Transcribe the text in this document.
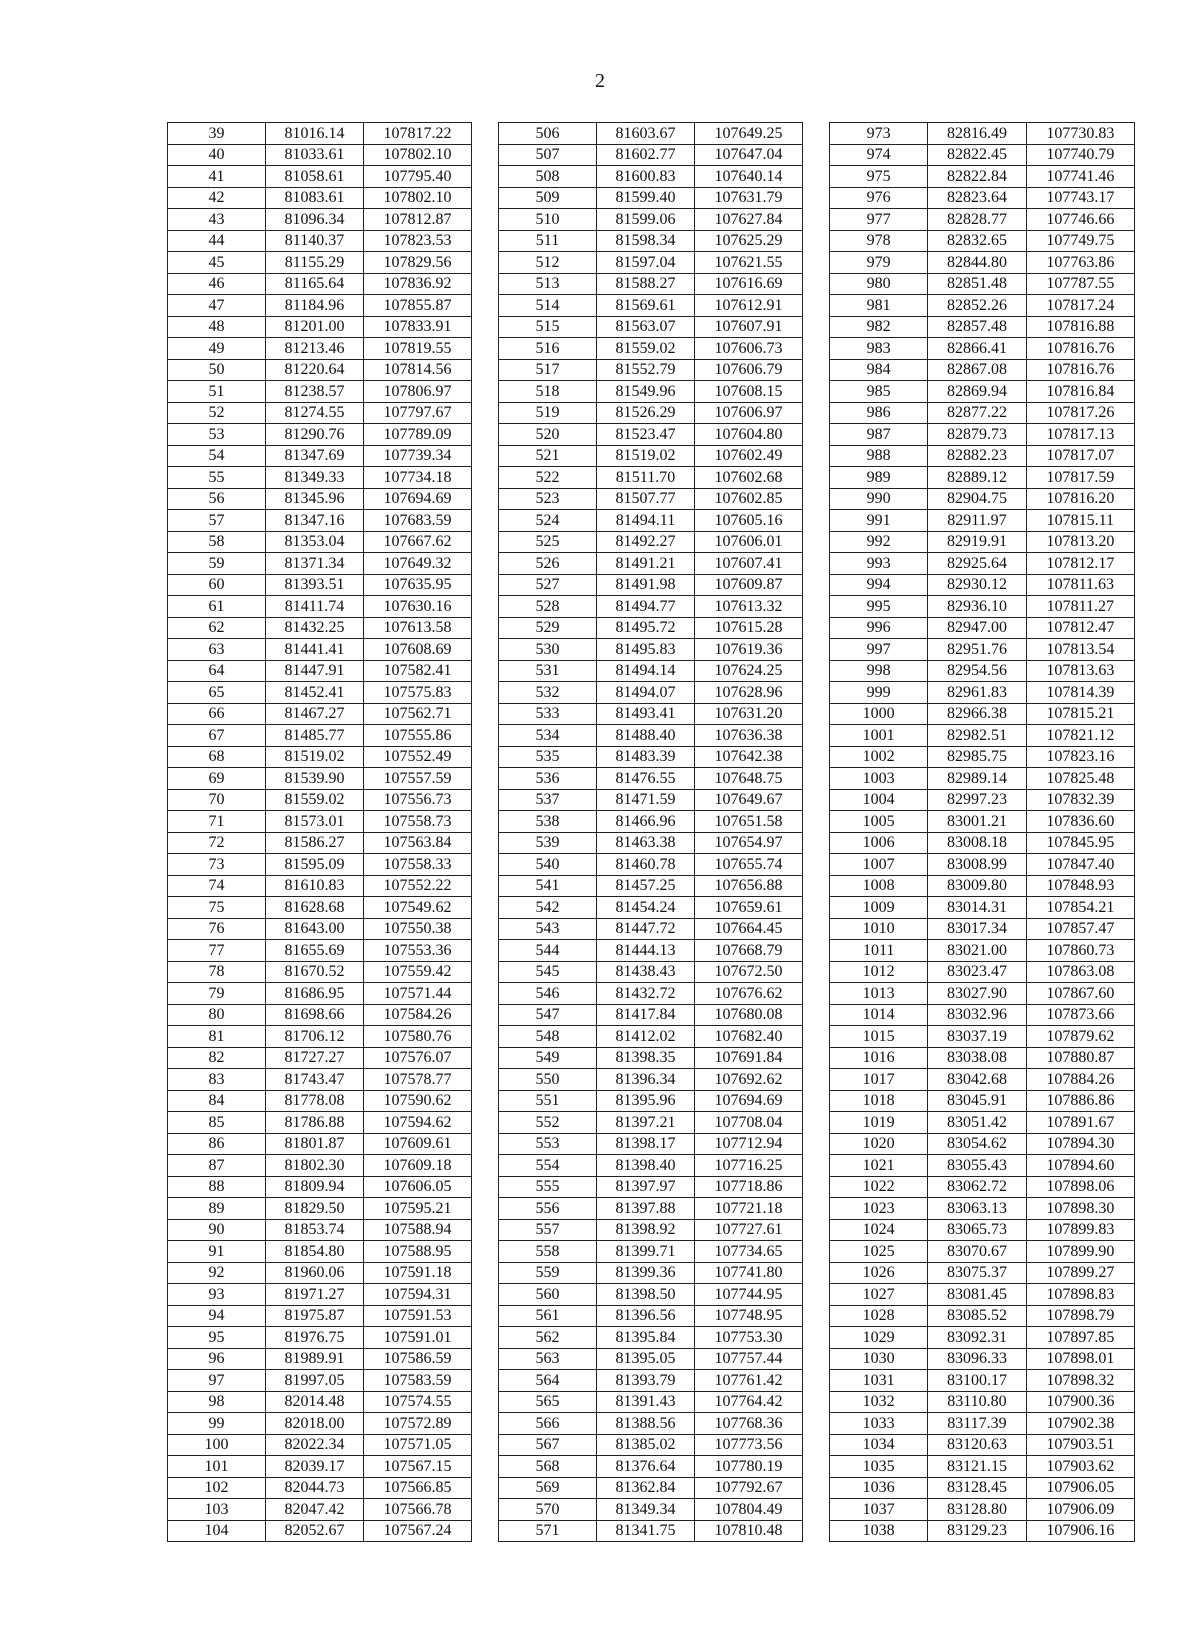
2
39	81016.14	107817.22
40	81033.61	107802.10
41	81058.61	107795.40
42	81083.61	107802.10
43	81096.34	107812.87
44	81140.37	107823.53
45	81155.29	107829.56
46	81165.64	107836.92
47	81184.96	107855.87
48	81201.00	107833.91
49	81213.46	107819.55
50	81220.64	107814.56
51	81238.57	107806.97
52	81274.55	107797.67
53	81290.76	107789.09
54	81347.69	107739.34
55	81349.33	107734.18
56	81345.96	107694.69
57	81347.16	107683.59
58	81353.04	107667.62
59	81371.34	107649.32
60	81393.51	107635.95
61	81411.74	107630.16
62	81432.25	107613.58
63	81441.41	107608.69
64	81447.91	107582.41
65	81452.41	107575.83
66	81467.27	107562.71
67	81485.77	107555.86
68	81519.02	107552.49
69	81539.90	107557.59
70	81559.02	107556.73
71	81573.01	107558.73
72	81586.27	107563.84
73	81595.09	107558.33
74	81610.83	107552.22
75	81628.68	107549.62
76	81643.00	107550.38
77	81655.69	107553.36
78	81670.52	107559.42
79	81686.95	107571.44
80	81698.66	107584.26
81	81706.12	107580.76
82	81727.27	107576.07
83	81743.47	107578.77
84	81778.08	107590.62
85	81786.88	107594.62
86	81801.87	107609.61
87	81802.30	107609.18
88	81809.94	107606.05
89	81829.50	107595.21
90	81853.74	107588.94
91	81854.80	107588.95
92	81960.06	107591.18
93	81971.27	107594.31
94	81975.87	107591.53
95	81976.75	107591.01
96	81989.91	107586.59
97	81997.05	107583.59
98	82014.48	107574.55
99	82018.00	107572.89
100	82022.34	107571.05
101	82039.17	107567.15
102	82044.73	107566.85
103	82047.42	107566.78
104	82052.67	107567.24
506	81603.67	107649.25
507	81602.77	107647.04
508	81600.83	107640.14
509	81599.40	107631.79
510	81599.06	107627.84
511	81598.34	107625.29
512	81597.04	107621.55
513	81588.27	107616.69
514	81569.61	107612.91
515	81563.07	107607.91
516	81559.02	107606.73
517	81552.79	107606.79
518	81549.96	107608.15
519	81526.29	107606.97
520	81523.47	107604.80
521	81519.02	107602.49
522	81511.70	107602.68
523	81507.77	107602.85
524	81494.11	107605.16
525	81492.27	107606.01
526	81491.21	107607.41
527	81491.98	107609.87
528	81494.77	107613.32
529	81495.72	107615.28
530	81495.83	107619.36
531	81494.14	107624.25
532	81494.07	107628.96
533	81493.41	107631.20
534	81488.40	107636.38
535	81483.39	107642.38
536	81476.55	107648.75
537	81471.59	107649.67
538	81466.96	107651.58
539	81463.38	107654.97
540	81460.78	107655.74
541	81457.25	107656.88
542	81454.24	107659.61
543	81447.72	107664.45
544	81444.13	107668.79
545	81438.43	107672.50
546	81432.72	107676.62
547	81417.84	107680.08
548	81412.02	107682.40
549	81398.35	107691.84
550	81396.34	107692.62
551	81395.96	107694.69
552	81397.21	107708.04
553	81398.17	107712.94
554	81398.40	107716.25
555	81397.97	107718.86
556	81397.88	107721.18
557	81398.92	107727.61
558	81399.71	107734.65
559	81399.36	107741.80
560	81398.50	107744.95
561	81396.56	107748.95
562	81395.84	107753.30
563	81395.05	107757.44
564	81393.79	107761.42
565	81391.43	107764.42
566	81388.56	107768.36
567	81385.02	107773.56
568	81376.64	107780.19
569	81362.84	107792.67
570	81349.34	107804.49
571	81341.75	107810.48
973	82816.49	107730.83
974	82822.45	107740.79
975	82822.84	107741.46
976	82823.64	107743.17
977	82828.77	107746.66
978	82832.65	107749.75
979	82844.80	107763.86
980	82851.48	107787.55
981	82852.26	107817.24
982	82857.48	107816.88
983	82866.41	107816.76
984	82867.08	107816.76
985	82869.94	107816.84
986	82877.22	107817.26
987	82879.73	107817.13
988	82882.23	107817.07
989	82889.12	107817.59
990	82904.75	107816.20
991	82911.97	107815.11
992	82919.91	107813.20
993	82925.64	107812.17
994	82930.12	107811.63
995	82936.10	107811.27
996	82947.00	107812.47
997	82951.76	107813.54
998	82954.56	107813.63
999	82961.83	107814.39
1000	82966.38	107815.21
1001	82982.51	107821.12
1002	82985.75	107823.16
1003	82989.14	107825.48
1004	82997.23	107832.39
1005	83001.21	107836.60
1006	83008.18	107845.95
1007	83008.99	107847.40
1008	83009.80	107848.93
1009	83014.31	107854.21
1010	83017.34	107857.47
1011	83021.00	107860.73
1012	83023.47	107863.08
1013	83027.90	107867.60
1014	83032.96	107873.66
1015	83037.19	107879.62
1016	83038.08	107880.87
1017	83042.68	107884.26
1018	83045.91	107886.86
1019	83051.42	107891.67
1020	83054.62	107894.30
1021	83055.43	107894.60
1022	83062.72	107898.06
1023	83063.13	107898.30
1024	83065.73	107899.83
1025	83070.67	107899.90
1026	83075.37	107899.27
1027	83081.45	107898.83
1028	83085.52	107898.79
1029	83092.31	107897.85
1030	83096.33	107898.01
1031	83100.17	107898.32
1032	83110.80	107900.36
1033	83117.39	107902.38
1034	83120.63	107903.51
1035	83121.15	107903.62
1036	83128.45	107906.05
1037	83128.80	107906.09
1038	83129.23	107906.16
